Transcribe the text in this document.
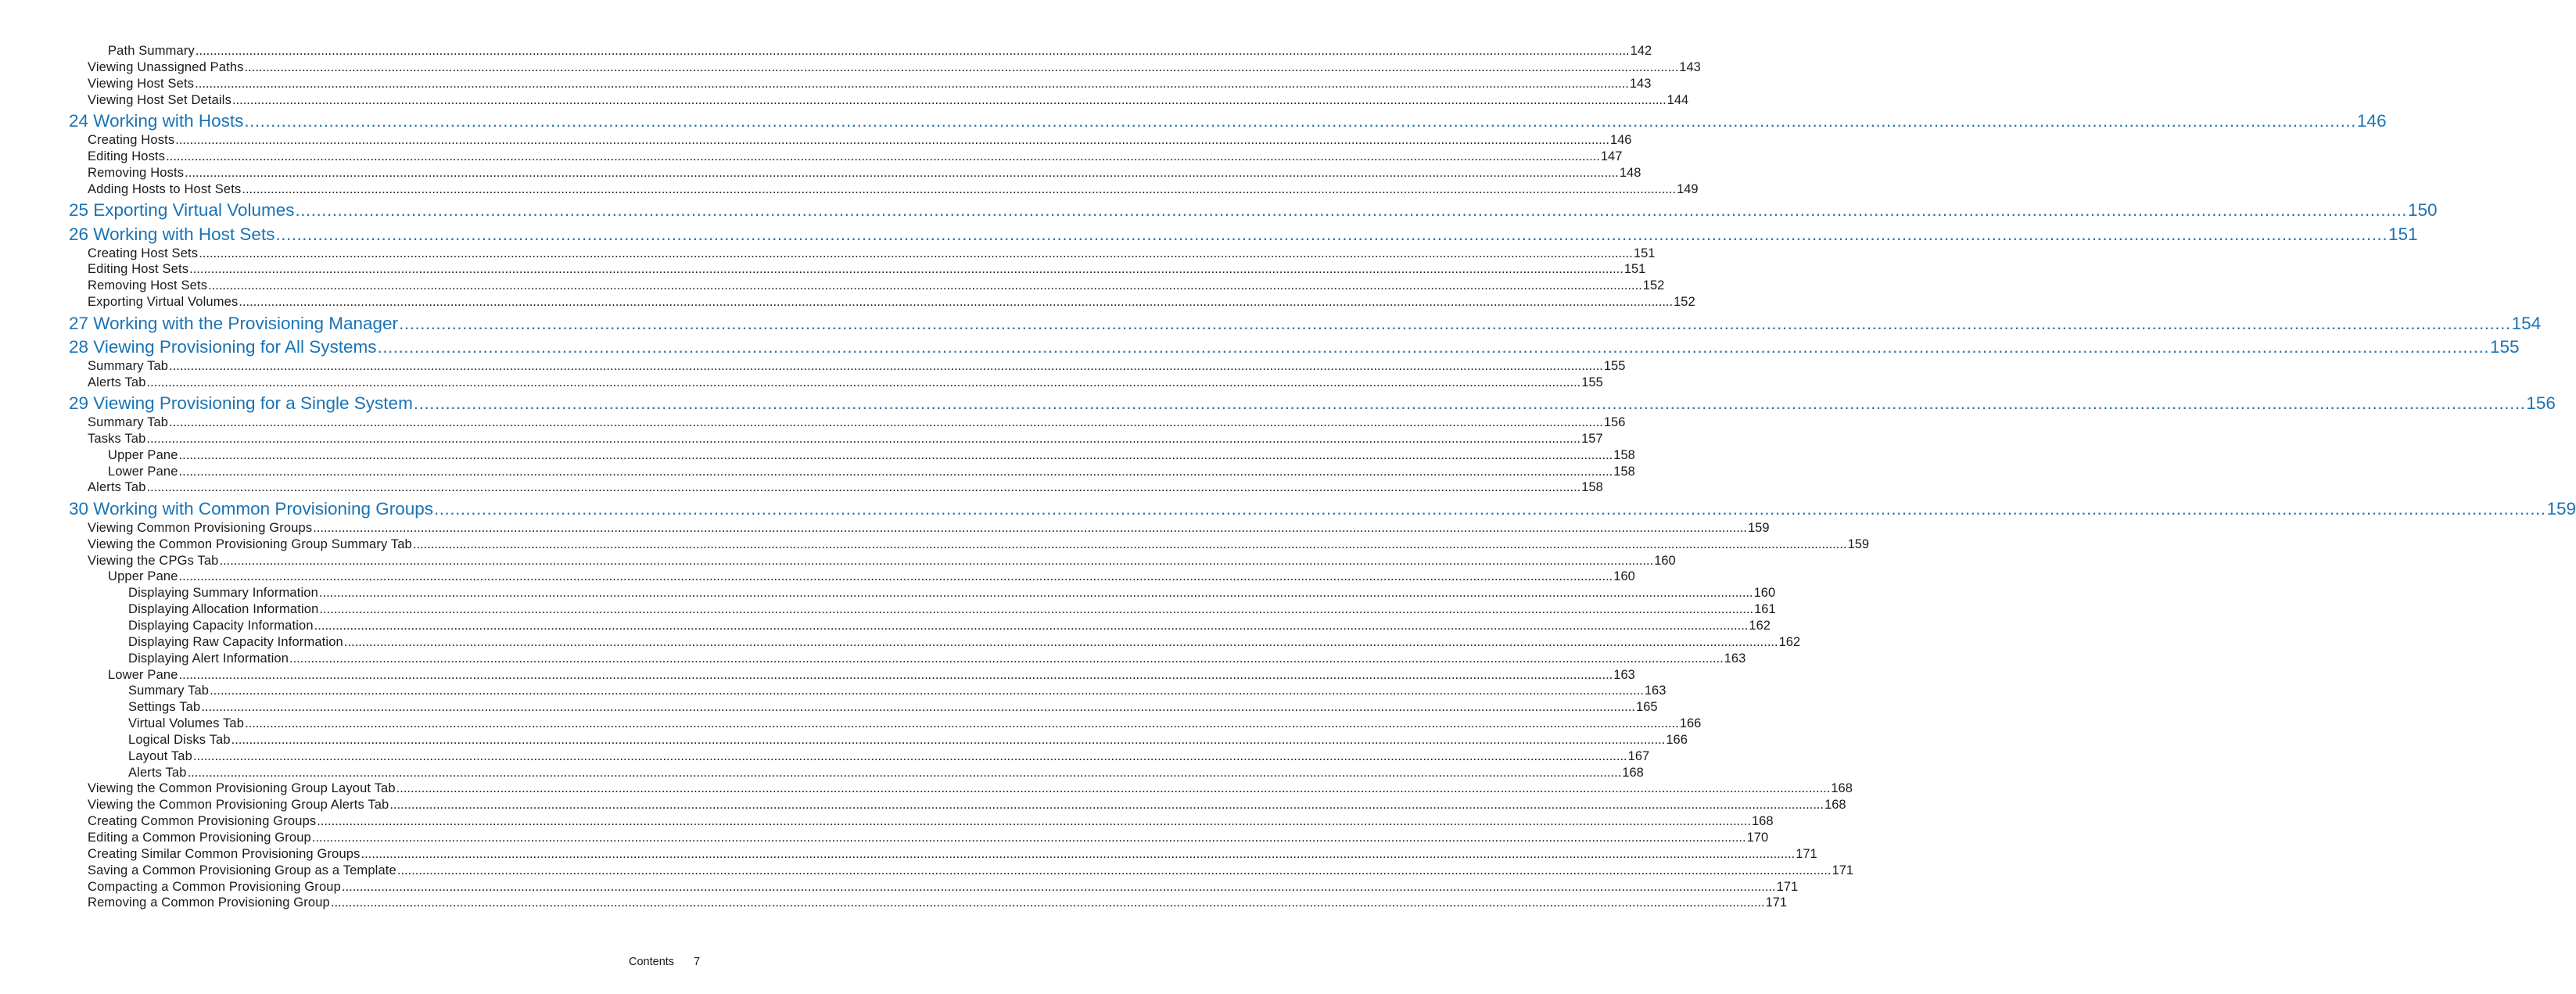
Path Summary ................................................................................................................................................................................................................................................................................................................................................................................................................ 142
Viewing Unassigned Paths ................................................................................................................................................................................................................................................................................................................................................................................................................ 143
Viewing Host Sets ................................................................................................................................................................................................................................................................................................................................................................................................................ 143
Viewing Host Set Details ................................................................................................................................................................................................................................................................................................................................................................................................................ 144
24 Working with Hosts ................................................................................................................................................................................................................................................................................................................................................................................................................ 146
Creating Hosts ................................................................................................................................................................................................................................................................................................................................................................................................................ 146
Editing Hosts ................................................................................................................................................................................................................................................................................................................................................................................................................ 147
Removing Hosts ................................................................................................................................................................................................................................................................................................................................................................................................................ 148
Adding Hosts to Host Sets ................................................................................................................................................................................................................................................................................................................................................................................................................ 149
25 Exporting Virtual Volumes ................................................................................................................................................................................................................................................................................................................................................................................................................ 150
26 Working with Host Sets ................................................................................................................................................................................................................................................................................................................................................................................................................ 151
Creating Host Sets ................................................................................................................................................................................................................................................................................................................................................................................................................ 151
Editing Host Sets ................................................................................................................................................................................................................................................................................................................................................................................................................ 151
Removing Host Sets ................................................................................................................................................................................................................................................................................................................................................................................................................ 152
Exporting Virtual Volumes ................................................................................................................................................................................................................................................................................................................................................................................................................ 152
27 Working with the Provisioning Manager ................................................................................................................................................................................................................................................................................................................................................................................................................ 154
28 Viewing Provisioning for All Systems ................................................................................................................................................................................................................................................................................................................................................................................................................ 155
Summary Tab ................................................................................................................................................................................................................................................................................................................................................................................................................ 155
Alerts Tab ................................................................................................................................................................................................................................................................................................................................................................................................................ 155
29 Viewing Provisioning for a Single System ................................................................................................................................................................................................................................................................................................................................................................................................................ 156
Summary Tab ................................................................................................................................................................................................................................................................................................................................................................................................................ 156
Tasks Tab ................................................................................................................................................................................................................................................................................................................................................................................................................ 157
Upper Pane ................................................................................................................................................................................................................................................................................................................................................................................................................ 158
Lower Pane ................................................................................................................................................................................................................................................................................................................................................................................................................ 158
Alerts Tab ................................................................................................................................................................................................................................................................................................................................................................................................................ 158
30 Working with Common Provisioning Groups ................................................................................................................................................................................................................................................................................................................................................................................................................ 159
Viewing Common Provisioning Groups ................................................................................................................................................................................................................................................................................................................................................................................................................ 159
Viewing the Common Provisioning Group Summary Tab ................................................................................................................................................................................................................................................................................................................................................................................................................ 159
Viewing the CPGs Tab ................................................................................................................................................................................................................................................................................................................................................................................................................ 160
Upper Pane ................................................................................................................................................................................................................................................................................................................................................................................................................ 160
Displaying Summary Information ................................................................................................................................................................................................................................................................................................................................................................................................................ 160
Displaying Allocation Information ................................................................................................................................................................................................................................................................................................................................................................................................................ 161
Displaying Capacity Information ................................................................................................................................................................................................................................................................................................................................................................................................................ 162
Displaying Raw Capacity Information ................................................................................................................................................................................................................................................................................................................................................................................................................ 162
Displaying Alert Information ................................................................................................................................................................................................................................................................................................................................................................................................................ 163
Lower Pane ................................................................................................................................................................................................................................................................................................................................................................................................................ 163
Summary Tab ................................................................................................................................................................................................................................................................................................................................................................................................................ 163
Settings Tab ................................................................................................................................................................................................................................................................................................................................................................................................................ 165
Virtual Volumes Tab ................................................................................................................................................................................................................................................................................................................................................................................................................ 166
Logical Disks Tab ................................................................................................................................................................................................................................................................................................................................................................................................................ 166
Layout Tab ................................................................................................................................................................................................................................................................................................................................................................................................................ 167
Alerts Tab ................................................................................................................................................................................................................................................................................................................................................................................................................ 168
Viewing the Common Provisioning Group Layout Tab ................................................................................................................................................................................................................................................................................................................................................................................................................ 168
Viewing the Common Provisioning Group Alerts Tab ................................................................................................................................................................................................................................................................................................................................................................................................................ 168
Creating Common Provisioning Groups ................................................................................................................................................................................................................................................................................................................................................................................................................ 168
Editing a Common Provisioning Group ................................................................................................................................................................................................................................................................................................................................................................................................................ 170
Creating Similar Common Provisioning Groups ................................................................................................................................................................................................................................................................................................................................................................................................................ 171
Saving a Common Provisioning Group as a Template ................................................................................................................................................................................................................................................................................................................................................................................................................ 171
Compacting a Common Provisioning Group ................................................................................................................................................................................................................................................................................................................................................................................................................ 171
Removing a Common Provisioning Group ................................................................................................................................................................................................................................................................................................................................................................................................................ 171
Contents 7
